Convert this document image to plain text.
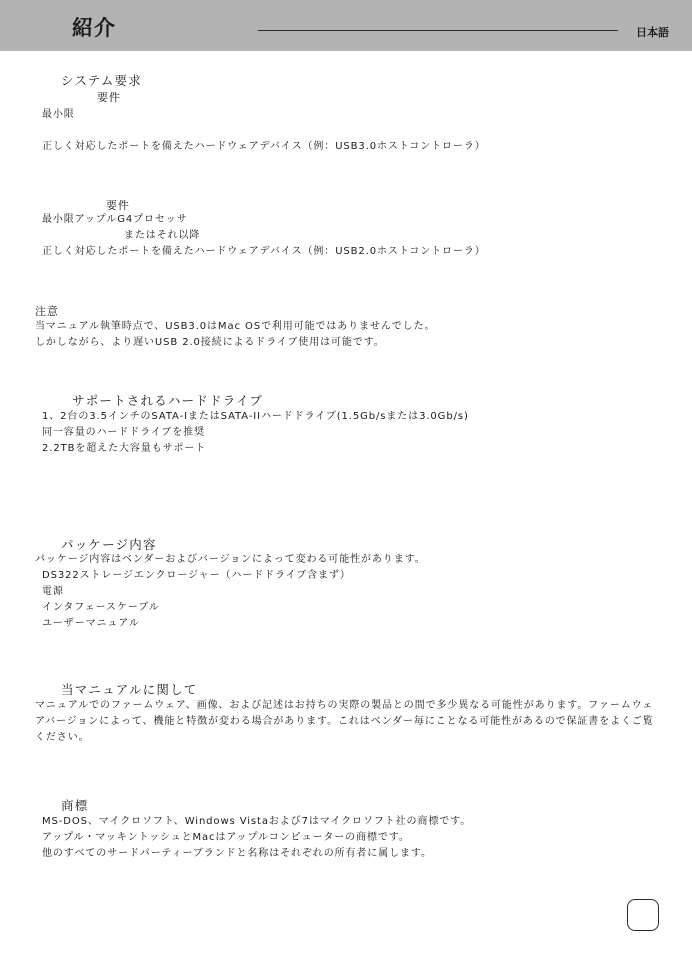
紹介	日本語
システム要求
要件
最小限
正しく対応したポートを備えたハードウェアデバイス（例：USB3.0ホストコントローラ）
要件
最小限アップルG4プロセッサ
またはそれ以降
正しく対応したポートを備えたハードウェアデバイス（例：USB2.0ホストコントローラ）
注意
当マニュアル執筆時点で、USB3.0はMac OSで利用可能ではありませんでした。
しかしながら、より遅いUSB 2.0接続によるドライブ使用は可能です。
サポートされるハードドライブ
1、2台の3.5インチのSATA-IまたはSATA-IIハードドライブ(1.5Gb/sまたは3.0Gb/s)
同一容量のハードドライブを推奨
2.2TBを超えた大容量もサポート
パッケージ内容
パッケージ内容はベンダーおよびバージョンによって変わる可能性があります。
DS322ストレージエンクロージャー（ハードドライブ含まず）
電源
インタフェースケーブル
ユーザーマニュアル
当マニュアルに関して
マニュアルでのファームウェア、画像、および記述はお持ちの実際の製品との間で多少異なる可能性があります。ファームウェアバージョンによって、機能と特徴が変わる場合があります。これはベンダー毎にことなる可能性があるので保証書をよくご覧ください。
商標
MS-DOS、マイクロソフト、Windows Vistaおよび7はマイクロソフト社の商標です。
アップル・マッキントッシュとMacはアップルコンピューターの商標です。
他のすべてのサードパーティーブランドと名称はそれぞれの所有者に属します。
